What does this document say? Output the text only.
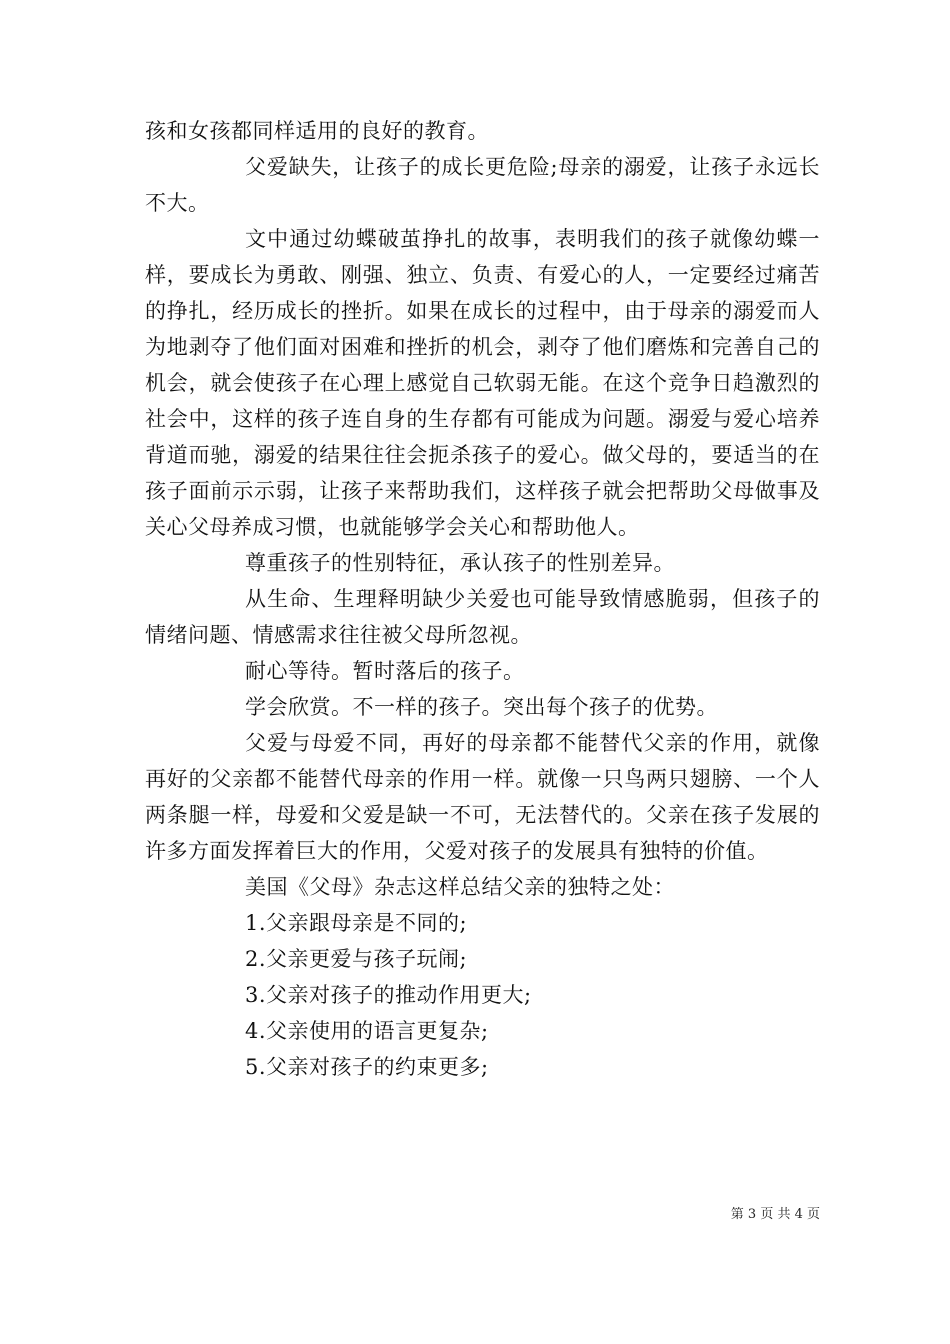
孩和女孩都同样适用的良好的教育。

父爱缺失，让孩子的成长更危险;母亲的溺爱，让孩子永远长不大。

文中通过幼蝶破茧挣扎的故事，表明我们的孩子就像幼蝶一样，要成长为勇敢、刚强、独立、负责、有爱心的人，一定要经过痛苦的挣扎，经历成长的挫折。如果在成长的过程中，由于母亲的溺爱而人为地剥夺了他们面对困难和挫折的机会，剥夺了他们磨炼和完善自己的机会，就会使孩子在心理上感觉自己软弱无能。在这个竞争日趋激烈的社会中，这样的孩子连自身的生存都有可能成为问题。溺爱与爱心培养背道而驰，溺爱的结果往往会扼杀孩子的爱心。做父母的，要适当的在孩子面前示示弱，让孩子来帮助我们，这样孩子就会把帮助父母做事及关心父母养成习惯，也就能够学会关心和帮助他人。

尊重孩子的性别特征，承认孩子的性别差异。

从生命、生理释明缺少关爱也可能导致情感脆弱，但孩子的情绪问题、情感需求往往被父母所忽视。

耐心等待。暂时落后的孩子。

学会欣赏。不一样的孩子。突出每个孩子的优势。

父爱与母爱不同，再好的母亲都不能替代父亲的作用，就像再好的父亲都不能替代母亲的作用一样。就像一只鸟两只翅膀、一个人两条腿一样，母爱和父爱是缺一不可，无法替代的。父亲在孩子发展的许多方面发挥着巨大的作用，父爱对孩子的发展具有独特的价值。

美国《父母》杂志这样总结父亲的独特之处：

1.父亲跟母亲是不同的;

2.父亲更爱与孩子玩闹;

3.父亲对孩子的推动作用更大;

4.父亲使用的语言更复杂;

5.父亲对孩子的约束更多;

第 3 页 共 4 页
